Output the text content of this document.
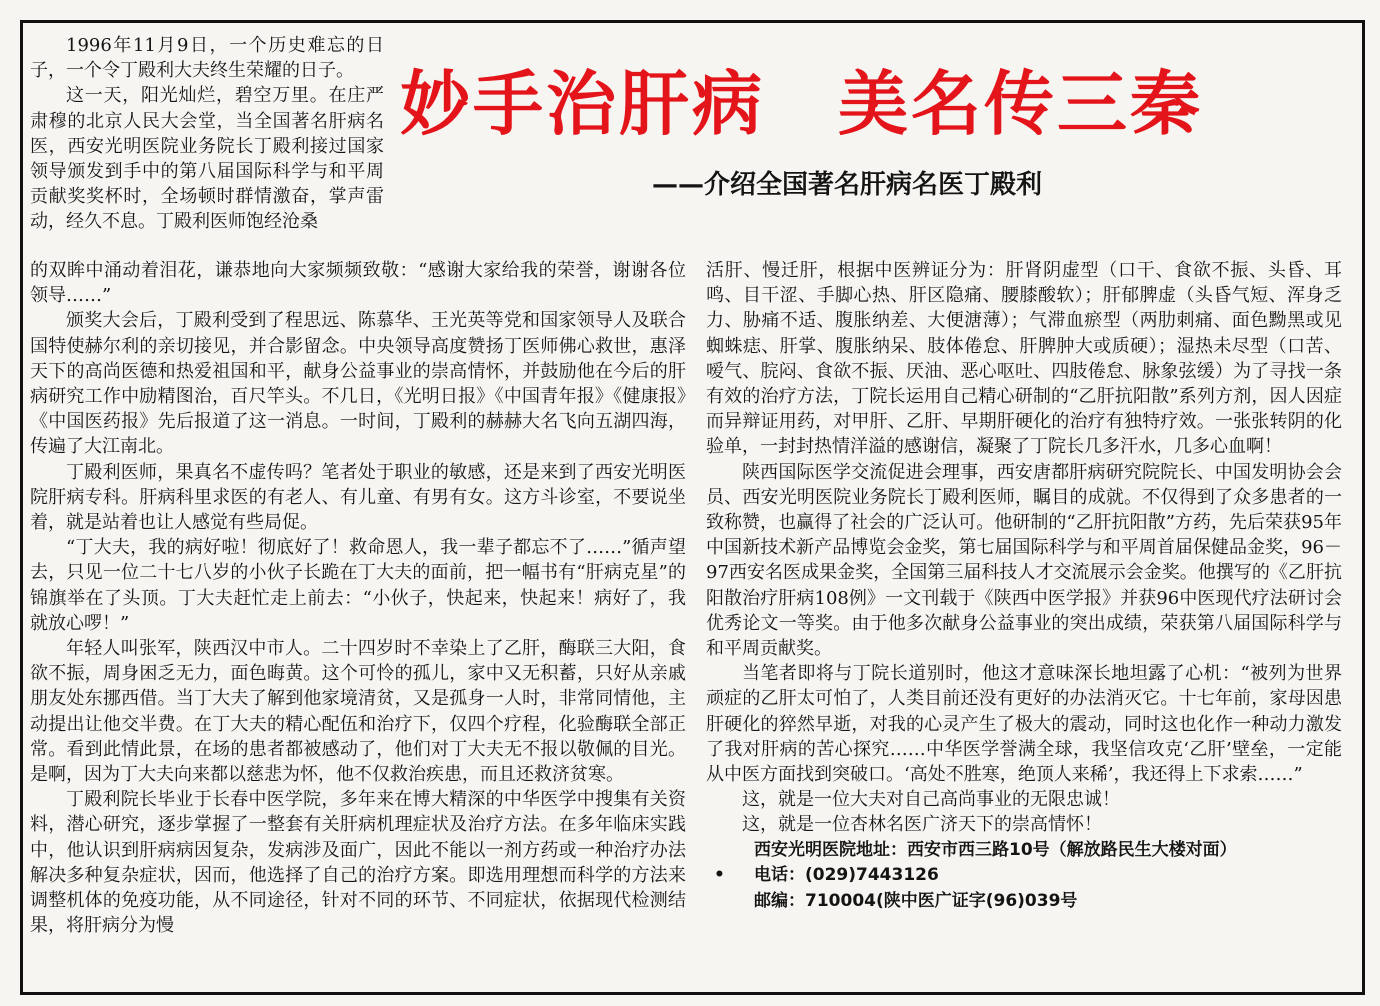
妙手治肝病　美名传三秦
——介绍全国著名肝病名医丁殿利

1996年11月9日，一个历史难忘的日子，一个令丁殿利大夫终生荣耀的日子。

这一天，阳光灿烂，碧空万里。在庄严肃穆的北京人民大会堂，当全国著名肝病名医，西安光明医院业务院长丁殿利接过国家领导颁发到手中的第八届国际科学与和平周贡献奖奖杯时，全场顿时群情激奋，掌声雷动，经久不息。丁殿利医师饱经沧桑

的双眸中涌动着泪花，谦恭地向大家频频致敬：“感谢大家给我的荣誉，谢谢各位领导……”

颁奖大会后，丁殿利受到了程思远、陈慕华、王光英等党和国家领导人及联合国特使赫尔利的亲切接见，并合影留念。中央领导高度赞扬丁医师佛心救世，惠泽天下的高尚医德和热爱祖国和平，献身公益事业的崇高情怀，并鼓励他在今后的肝病研究工作中励精图治，百尺竿头。不几日，《光明日报》《中国青年报》《健康报》《中国医药报》先后报道了这一消息。一时间，丁殿利的赫赫大名飞向五湖四海，传遍了大江南北。

丁殿利医师，果真名不虚传吗？笔者处于职业的敏感，还是来到了西安光明医院肝病专科。肝病科里求医的有老人、有儿童、有男有女。这方斗诊室，不要说坐着，就是站着也让人感觉有些局促。

“丁大夫，我的病好啦！彻底好了！救命恩人，我一辈子都忘不了……”循声望去，只见一位二十七八岁的小伙子长跪在丁大夫的面前，把一幅书有“肝病克星”的锦旗举在了头顶。丁大夫赶忙走上前去：“小伙子，快起来，快起来！病好了，我就放心啰！”

年轻人叫张军，陕西汉中市人。二十四岁时不幸染上了乙肝，酶联三大阳，食欲不振，周身困乏无力，面色晦黄。这个可怜的孤儿，家中又无积蓄，只好从亲戚朋友处东挪西借。当丁大夫了解到他家境清贫，又是孤身一人时，非常同情他，主动提出让他交半费。在丁大夫的精心配伍和治疗下，仅四个疗程，化验酶联全部正常。看到此情此景，在场的患者都被感动了，他们对丁大夫无不报以敬佩的目光。是啊，因为丁大夫向来都以慈悲为怀，他不仅救治疾患，而且还救济贫寒。

丁殿利院长毕业于长春中医学院，多年来在博大精深的中华医学中搜集有关资料，潜心研究，逐步掌握了一整套有关肝病机理症状及治疗方法。在多年临床实践中，他认识到肝病病因复杂，发病涉及面广，因此不能以一剂方药或一种治疗办法解决多种复杂症状，因而，他选择了自己的治疗方案。即选用理想而科学的方法来调整机体的免疫功能，从不同途径，针对不同的环节、不同症状，依据现代检测结果，将肝病分为慢

活肝、慢迁肝，根据中医辨证分为：肝肾阴虚型（口干、食欲不振、头昏、耳鸣、目干涩、手脚心热、肝区隐痛、腰膝酸软）；肝郁脾虚（头昏气短、浑身乏力、胁痛不适、腹胀纳差、大便溏薄）；气滞血瘀型（两肋刺痛、面色黝黑或见蜘蛛痣、肝掌、腹胀纳呆、肢体倦怠、肝脾肿大或质硬）；湿热未尽型（口苦、嗳气、脘闷、食欲不振、厌油、恶心呕吐、四肢倦怠、脉象弦缓）为了寻找一条有效的治疗方法，丁院长运用自己精心研制的“乙肝抗阳散”系列方剂，因人因症而异辩证用药，对甲肝、乙肝、早期肝硬化的治疗有独特疗效。一张张转阴的化验单，一封封热情洋溢的感谢信，凝聚了丁院长几多汗水，几多心血啊！

陕西国际医学交流促进会理事，西安唐都肝病研究院院长、中国发明协会会员、西安光明医院业务院长丁殿利医师，瞩目的成就。不仅得到了众多患者的一致称赞，也赢得了社会的广泛认可。他研制的“乙肝抗阳散”方药，先后荣获95年中国新技术新产品博览会金奖，第七届国际科学与和平周首届保健品金奖，96－97西安名医成果金奖，全国第三届科技人才交流展示会金奖。他撰写的《乙肝抗阳散治疗肝病108例》一文刊载于《陕西中医学报》并获96中医现代疗法研讨会优秀论文一等奖。由于他多次献身公益事业的突出成绩，荣获第八届国际科学与和平周贡献奖。

当笔者即将与丁院长道别时，他这才意味深长地坦露了心机：“被列为世界顽症的乙肝太可怕了，人类目前还没有更好的办法消灭它。十七年前，家母因患肝硬化的猝然早逝，对我的心灵产生了极大的震动，同时这也化作一种动力激发了我对肝病的苦心探究……中华医学誉满全球，我坚信攻克‘乙肝’壁垒，一定能从中医方面找到突破口。‘高处不胜寒，绝顶人来稀’，我还得上下求索……”

这，就是一位大夫对自己高尚事业的无限忠诚！

这，就是一位杏林名医广济天下的崇高情怀！

西安光明医院地址：西安市西三路10号（解放路民生大楼对面）
• 电话：(029)7443126
邮编：710004(陕中医广证字(96)039号
